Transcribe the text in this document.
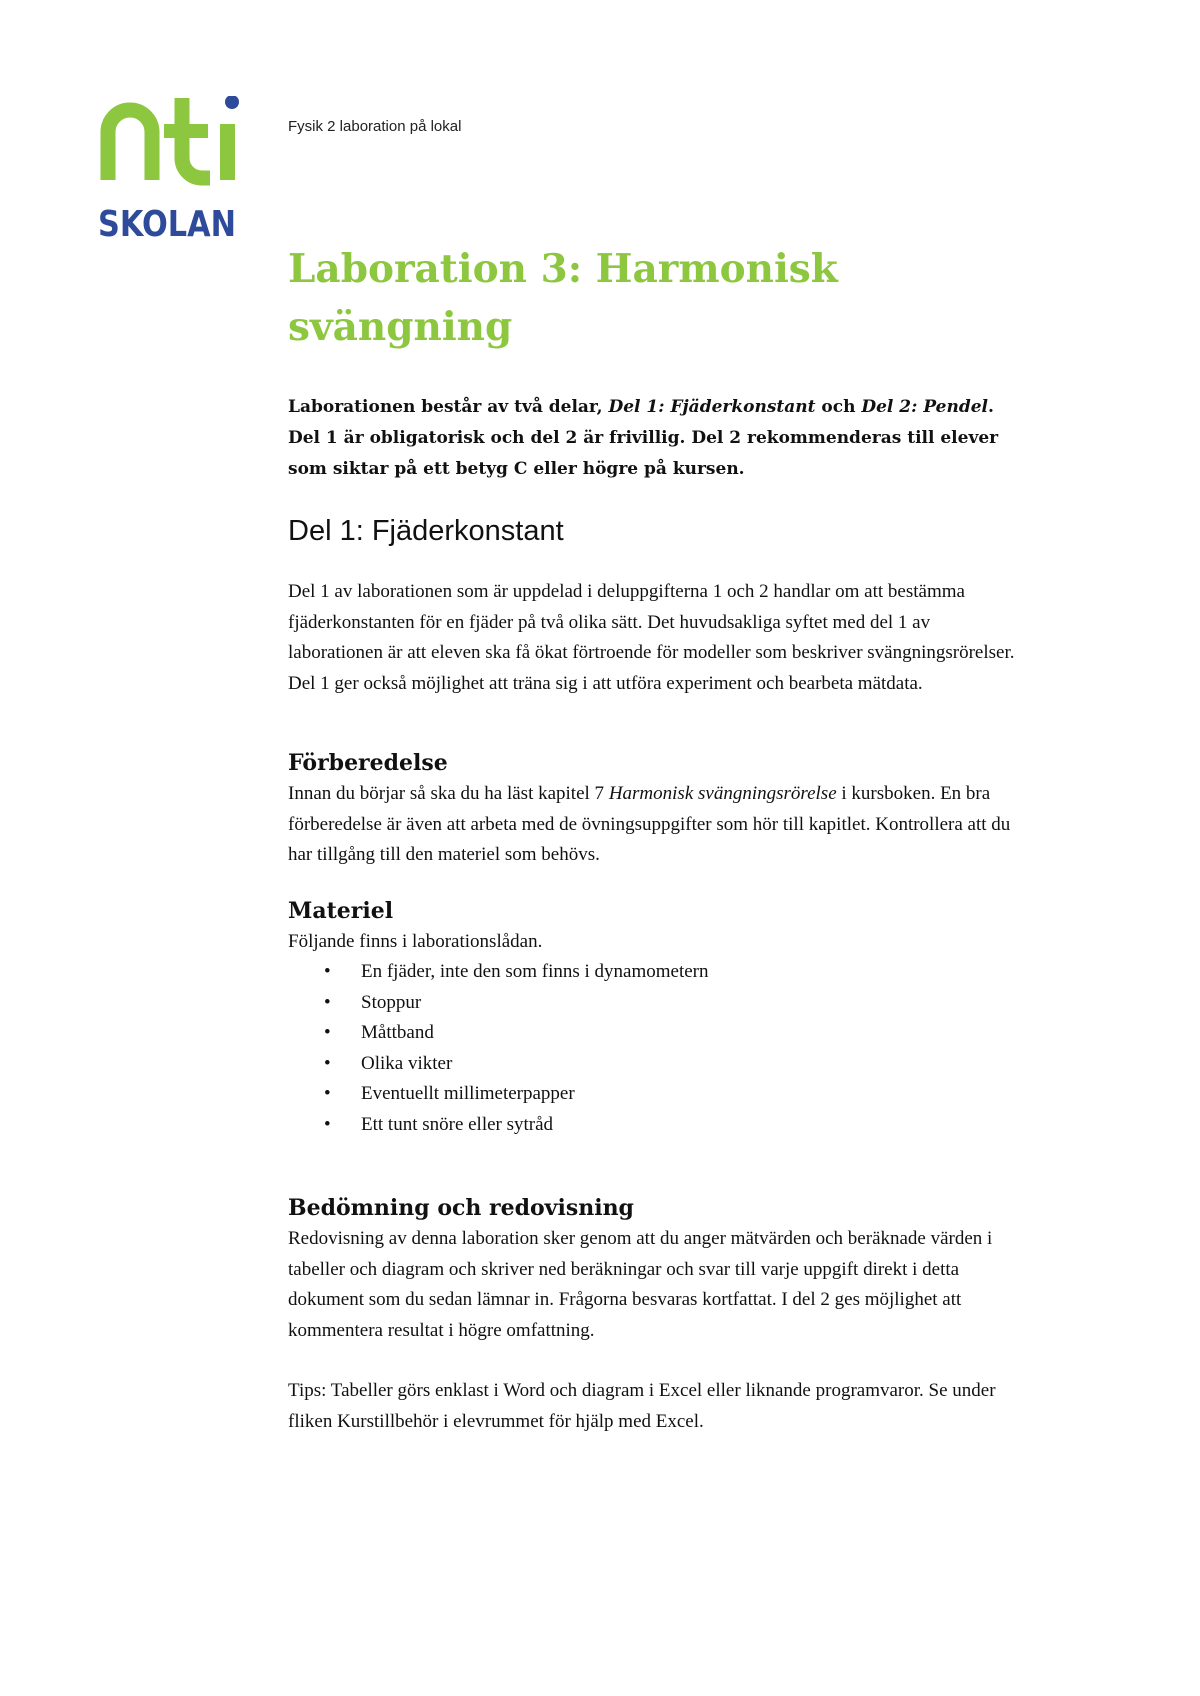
SKOLAN
Fysik 2 laboration på lokal
Laboration 3: Harmonisk
svängning

Laborationen består av två delar, Del 1: Fjäderkonstant och Del 2: Pendel. Del 1 är obligatorisk och del 2 är frivillig. Del 2 rekommenderas till elever som siktar på ett betyg C eller högre på kursen.

Del 1: Fjäderkonstant

Del 1 av laborationen som är uppdelad i deluppgifterna 1 och 2 handlar om att bestämma fjäderkonstanten för en fjäder på två olika sätt. Det huvudsakliga syftet med del 1 av laborationen är att eleven ska få ökat förtroende för modeller som beskriver svängningsrörelser. Del 1 ger också möjlighet att träna sig i att utföra experiment och bearbeta mätdata.

Förberedelse

Innan du börjar så ska du ha läst kapitel 7 Harmonisk svängningsrörelse i kursboken. En bra förberedelse är även att arbeta med de övningsuppgifter som hör till kapitlet. Kontrollera att du har tillgång till den materiel som behövs.

Materiel

Följande finns i laborationslådan.

• En fjäder, inte den som finns i dynamometern
• Stoppur
• Måttband
• Olika vikter
• Eventuellt millimeterpapper
• Ett tunt snöre eller sytråd
Bedömning och redovisning

Redovisning av denna laboration sker genom att du anger mätvärden och beräknade värden i tabeller och diagram och skriver ned beräkningar och svar till varje uppgift direkt i detta dokument som du sedan lämnar in. Frågorna besvaras kortfattat. I del 2 ges möjlighet att kommentera resultat i högre omfattning.

Tips: Tabeller görs enklast i Word och diagram i Excel eller liknande programvaror. Se under fliken Kurstillbehör i elevrummet för hjälp med Excel.
